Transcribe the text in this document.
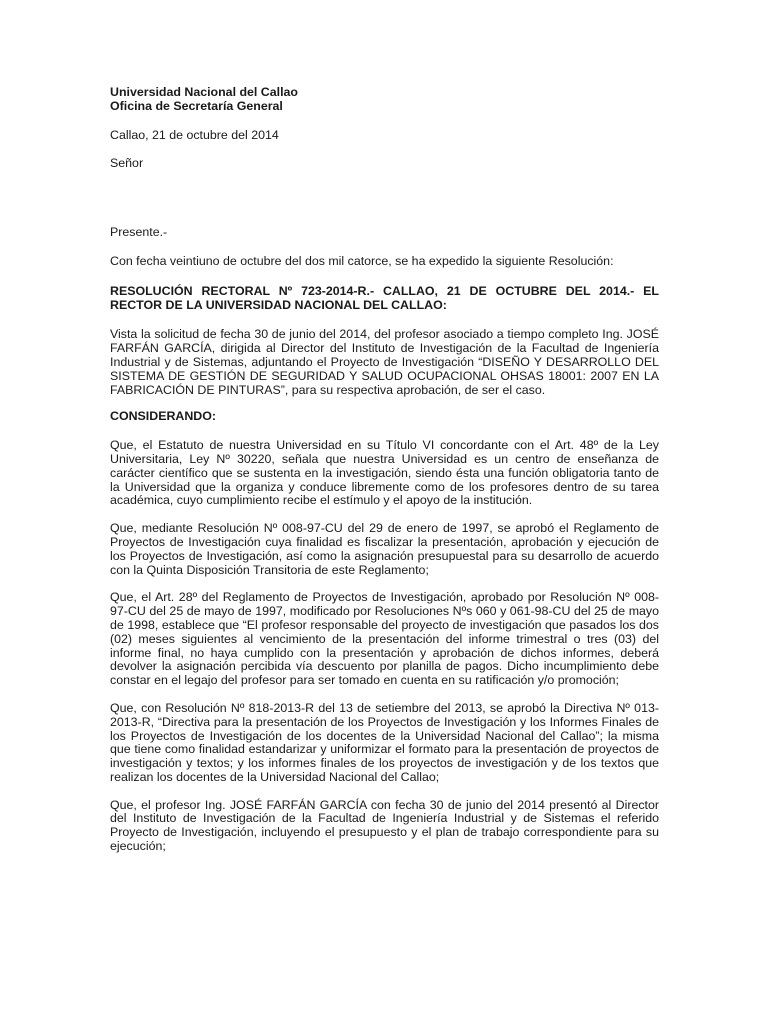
Universidad Nacional del Callao

Oficina de Secretaría General

Callao, 21 de octubre del 2014

Señor

Presente.-

Con fecha veintiuno de octubre del dos mil catorce, se ha expedido la siguiente Resolución:

RESOLUCIÓN RECTORAL Nº 723-2014-R.- CALLAO, 21 DE OCTUBRE DEL 2014.- EL RECTOR DE LA UNIVERSIDAD NACIONAL DEL CALLAO:

Vista la solicitud de fecha 30 de junio del 2014, del profesor asociado a tiempo completo Ing. JOSÉ FARFÁN GARCÍA, dirigida al Director del Instituto de Investigación de la Facultad de Ingeniería Industrial y de Sistemas, adjuntando el Proyecto de Investigación “DISEÑO Y DESARROLLO DEL SISTEMA DE GESTIÓN DE SEGURIDAD Y SALUD OCUPACIONAL OHSAS 18001: 2007 EN LA FABRICACIÓN DE PINTURAS”, para su respectiva aprobación, de ser el caso.

CONSIDERANDO:

Que, el Estatuto de nuestra Universidad en su Título VI concordante con el Art. 48º de la Ley Universitaria, Ley Nº 30220, señala que nuestra Universidad es un centro de enseñanza de carácter científico que se sustenta en la investigación, siendo ésta una función obligatoria tanto de la Universidad que la organiza y conduce libremente como de los profesores dentro de su tarea académica, cuyo cumplimiento recibe el estímulo y el apoyo de la institución.

Que, mediante Resolución Nº 008-97-CU del 29 de enero de 1997, se aprobó el Reglamento de Proyectos de Investigación cuya finalidad es fiscalizar la presentación, aprobación y ejecución de los Proyectos de Investigación, así como la asignación presupuestal para su desarrollo de acuerdo con la Quinta Disposición Transitoria de este Reglamento;

Que, el Art. 28º del Reglamento de Proyectos de Investigación, aprobado por Resolución Nº 008-97-CU del 25 de mayo de 1997, modificado por Resoluciones Nºs 060 y 061-98-CU del 25 de mayo de 1998, establece que “El profesor responsable del proyecto de investigación que pasados los dos (02) meses siguientes al vencimiento de la presentación del informe trimestral o tres (03) del informe final, no haya cumplido con la presentación y aprobación de dichos informes, deberá devolver la asignación percibida vía descuento por planilla de pagos. Dicho incumplimiento debe constar en el legajo del profesor para ser tomado en cuenta en su ratificación y/o promoción;

Que, con Resolución Nº 818-2013-R del 13 de setiembre del 2013, se aprobó la Directiva Nº 013-2013-R, “Directiva para la presentación de los Proyectos de Investigación y los Informes Finales de los Proyectos de Investigación de los docentes de la Universidad Nacional del Callao”; la misma que tiene como finalidad estandarizar y uniformizar el formato para la presentación de proyectos de investigación y textos; y los informes finales de los proyectos de investigación y de los textos que realizan los docentes de la Universidad Nacional del Callao;

Que, el profesor Ing. JOSÉ FARFÁN GARCÍA con fecha 30 de junio del 2014 presentó al Director del Instituto de Investigación de la Facultad de Ingeniería Industrial y de Sistemas el referido Proyecto de Investigación, incluyendo el presupuesto y el plan de trabajo correspondiente para su ejecución;
